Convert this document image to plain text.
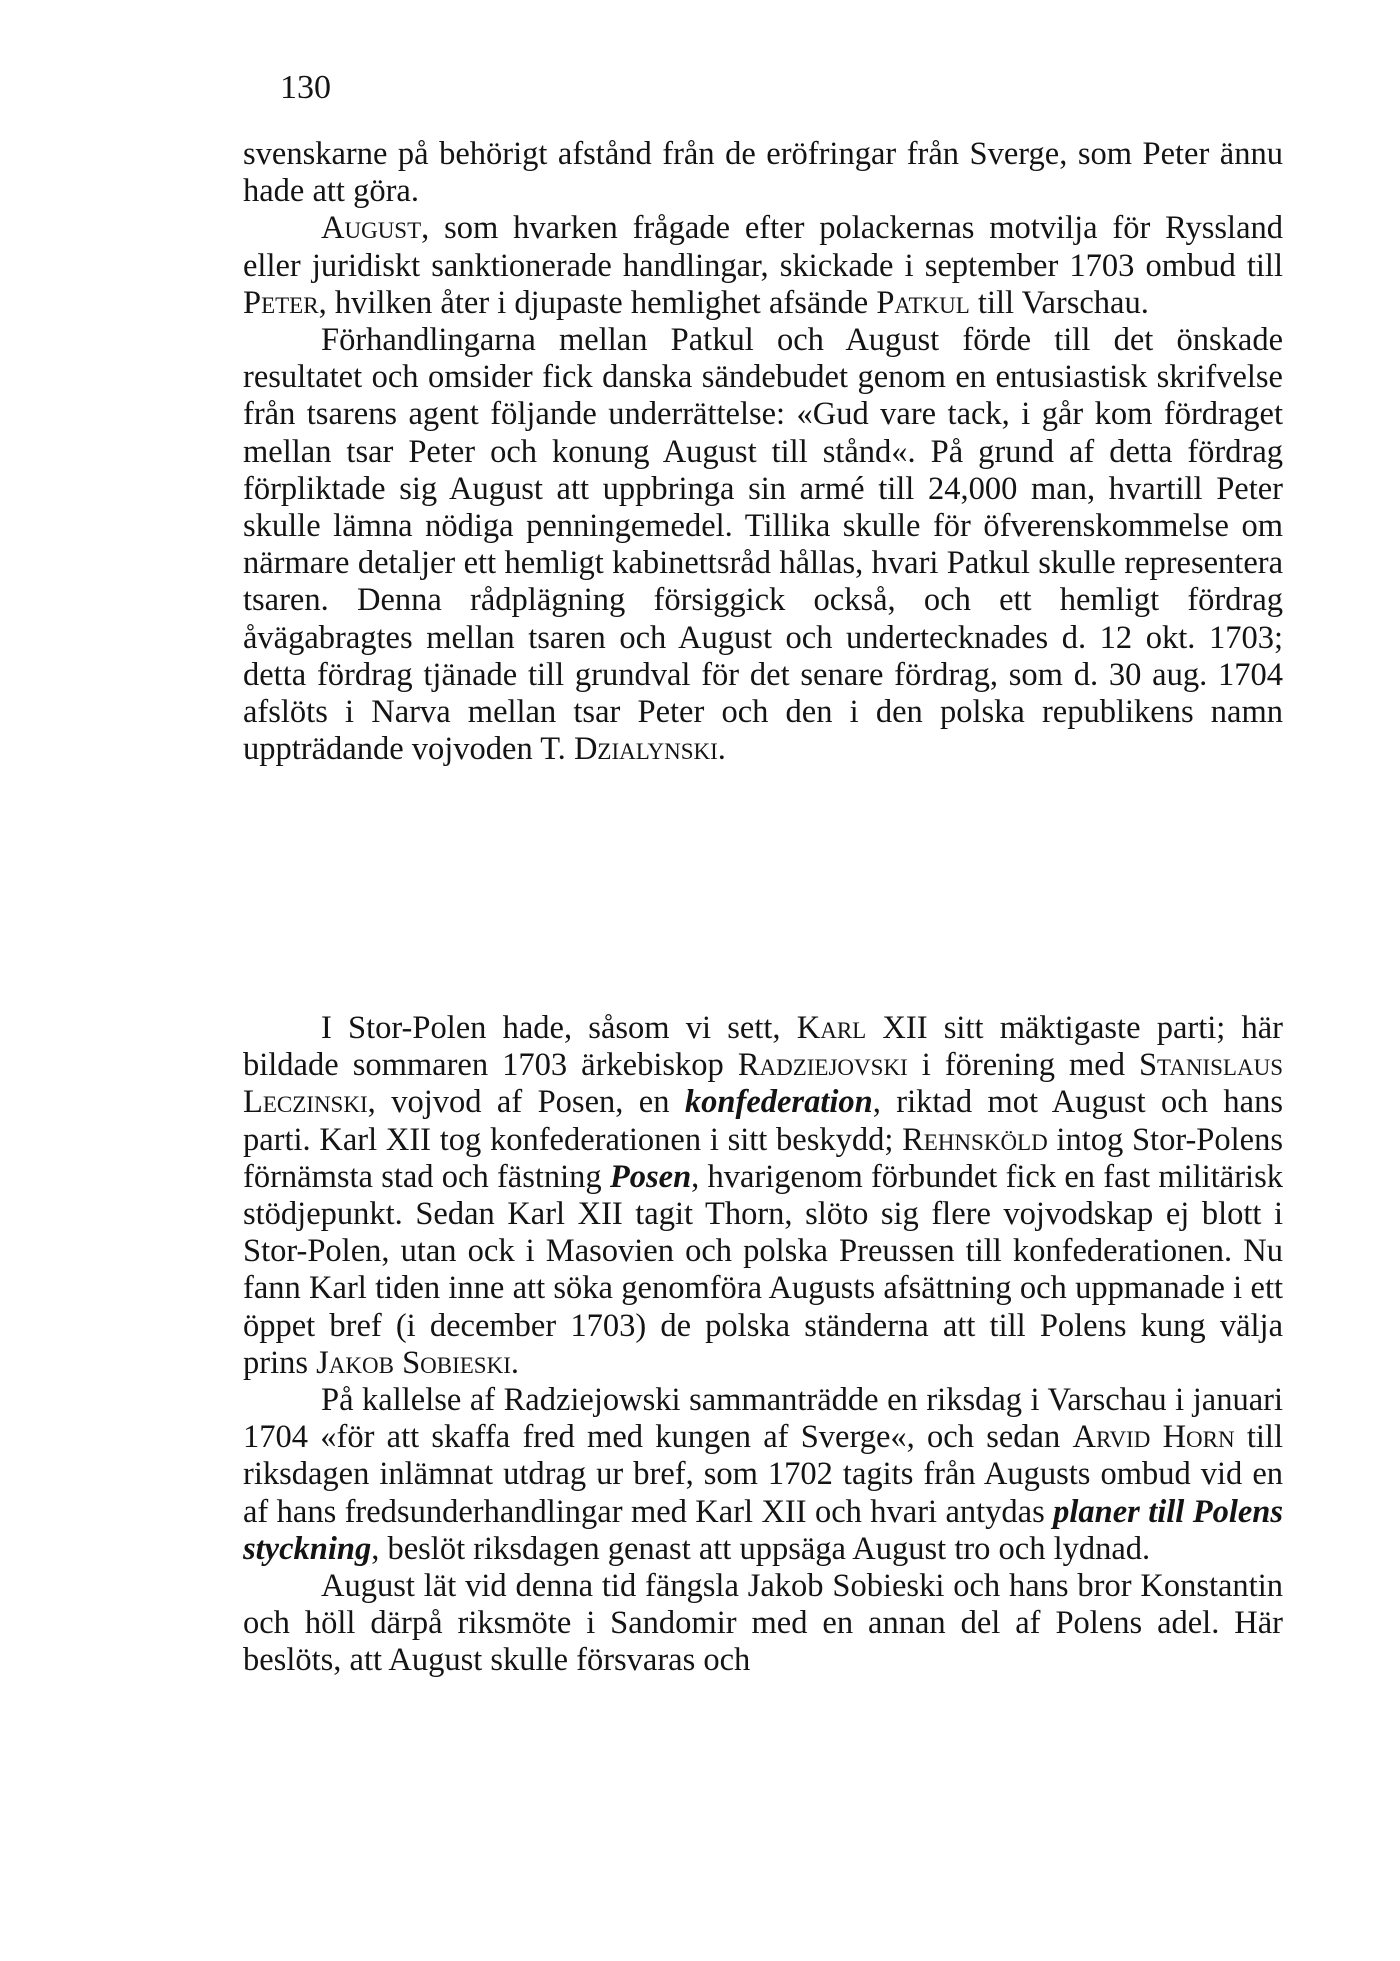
130

svenskarne på behörigt afstånd från de eröfringar från Sverge, som Peter ännu hade att göra.

August, som hvarken frågade efter polackernas motvilja för Ryssland eller juridiskt sanktionerade handlingar, skickade i september 1703 ombud till Peter, hvilken åter i djupaste hemlighet afsände Patkul till Varschau.

Förhandlingarna mellan Patkul och August förde till det önskade resultatet och omsider fick danska sändebudet genom en entusiastisk skrifvelse från tsarens agent följande underrättelse: «Gud vare tack, i går kom fördraget mellan tsar Peter och konung August till stånd«. På grund af detta fördrag förpliktade sig August att uppbringa sin armé till 24,000 man, hvartill Peter skulle lämna nödiga penningemedel. Tillika skulle för öfverenskommelse om närmare detaljer ett hemligt kabinettsråd hållas, hvari Patkul skulle representera tsaren. Denna rådplägning försiggick också, och ett hemligt fördrag åvägabragtes mellan tsaren och August och undertecknades d. 12 okt. 1703; detta fördrag tjänade till grundval för det senare fördrag, som d. 30 aug. 1704 afslöts i Narva mellan tsar Peter och den i den polska republikens namn uppträdande vojvoden T. Dzialynski.

I Stor-Polen hade, såsom vi sett, Karl XII sitt mäktigaste parti; här bildade sommaren 1703 ärkebiskop Radziejovski i förening med Stanislaus Leczinski, vojvod af Posen, en konfederation, riktad mot August och hans parti. Karl XII tog konfederationen i sitt beskydd; Rehnsköld intog Stor-Polens förnämsta stad och fästning Posen, hvarigenom förbundet fick en fast militärisk stödjepunkt. Sedan Karl XII tagit Thorn, slöto sig flere vojvodskap ej blott i Stor-Polen, utan ock i Masovien och polska Preussen till konfederationen. Nu fann Karl tiden inne att söka genomföra Augusts afsättning och uppmanade i ett öppet bref (i december 1703) de polska ständerna att till Polens kung välja prins Jakob Sobieski.

På kallelse af Radziejowski sammanträdde en riksdag i Varschau i januari 1704 «för att skaffa fred med kungen af Sverge«, och sedan Arvid Horn till riksdagen inlämnat utdrag ur bref, som 1702 tagits från Augusts ombud vid en af hans fredsunderhandlingar med Karl XII och hvari antydas planer till Polens styckning, beslöt riksdagen genast att uppsäga August tro och lydnad.

August lät vid denna tid fängsla Jakob Sobieski och hans bror Konstantin och höll därpå riksmöte i Sandomir med en annan del af Polens adel. Här beslöts, att August skulle försvaras och
